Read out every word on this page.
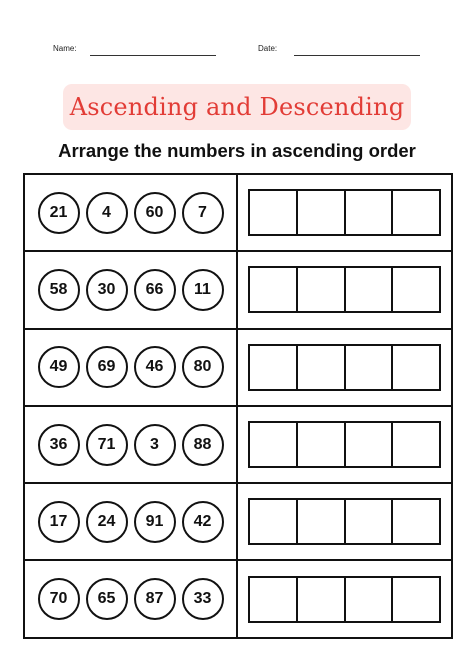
Name:	Date:
Ascending and Descending
Arrange the numbers in ascending order
21	4	60	7
58	30	66	11
49	69	46	80
36	71	3	88
17	24	91	42
70	65	87	33
